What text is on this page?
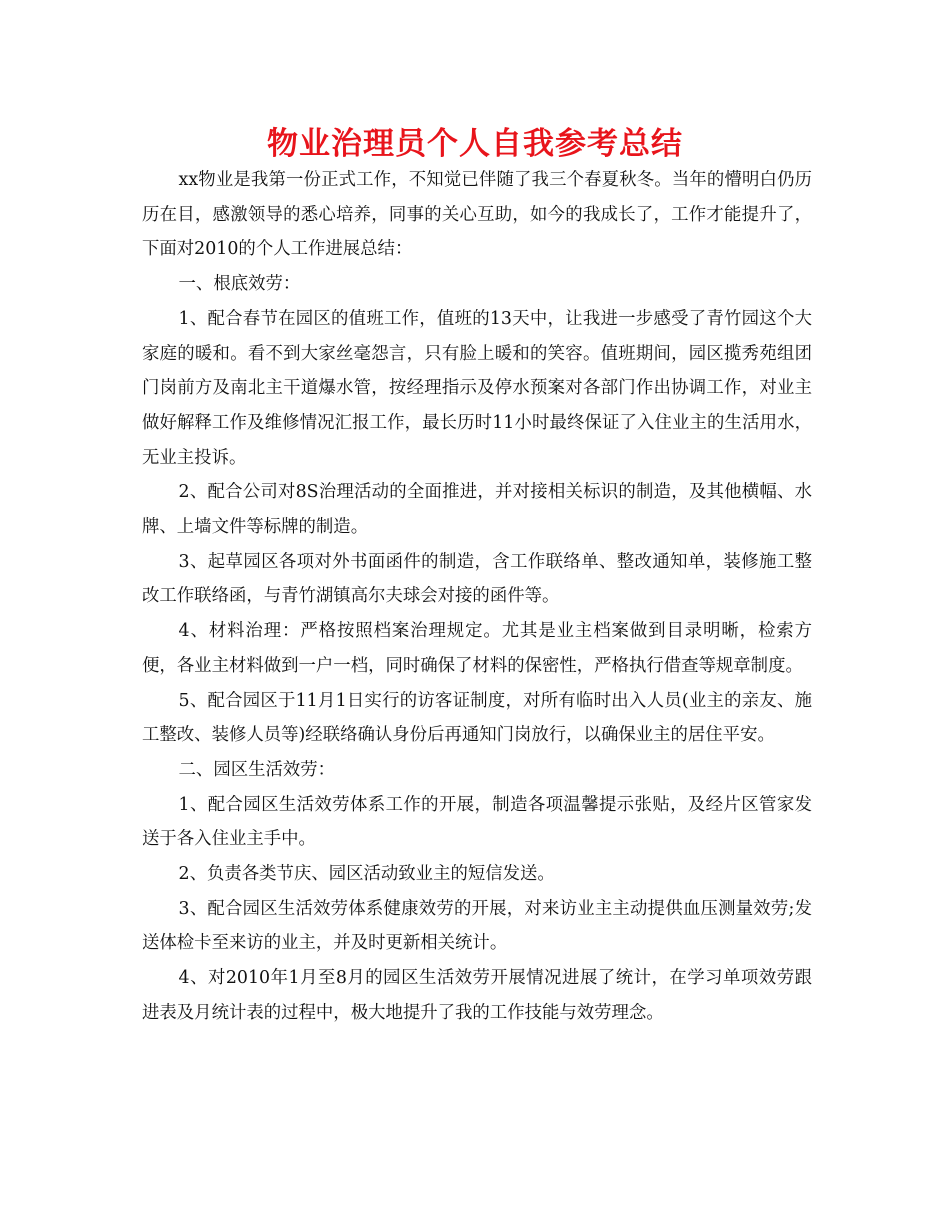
物业治理员个人自我参考总结

xx物业是我第一份正式工作，不知觉已伴随了我三个春夏秋冬。当年的懵明白仍历历在目，感激领导的悉心培养，同事的关心互助，如今的我成长了，工作才能提升了，下面对2010的个人工作进展总结：

一、根底效劳：

1、配合春节在园区的值班工作，值班的13天中，让我进一步感受了青竹园这个大家庭的暖和。看不到大家丝毫怨言，只有脸上暖和的笑容。值班期间，园区揽秀苑组团门岗前方及南北主干道爆水管，按经理指示及停水预案对各部门作出协调工作，对业主做好解释工作及维修情况汇报工作，最长历时11小时最终保证了入住业主的生活用水，无业主投诉。

2、配合公司对8S治理活动的全面推进，并对接相关标识的制造，及其他横幅、水牌、上墙文件等标牌的制造。

3、起草园区各项对外书面函件的制造，含工作联络单、整改通知单，装修施工整改工作联络函，与青竹湖镇高尔夫球会对接的函件等。

4、材料治理：严格按照档案治理规定。尤其是业主档案做到目录明晰，检索方便，各业主材料做到一户一档，同时确保了材料的保密性，严格执行借查等规章制度。

5、配合园区于11月1日实行的访客证制度，对所有临时出入人员(业主的亲友、施工整改、装修人员等)经联络确认身份后再通知门岗放行，以确保业主的居住平安。

二、园区生活效劳：

1、配合园区生活效劳体系工作的开展，制造各项温馨提示张贴，及经片区管家发送于各入住业主手中。

2、负责各类节庆、园区活动致业主的短信发送。

3、配合园区生活效劳体系健康效劳的开展，对来访业主主动提供血压测量效劳;发送体检卡至来访的业主，并及时更新相关统计。

4、对2010年1月至8月的园区生活效劳开展情况进展了统计，在学习单项效劳跟进表及月统计表的过程中，极大地提升了我的工作技能与效劳理念。
